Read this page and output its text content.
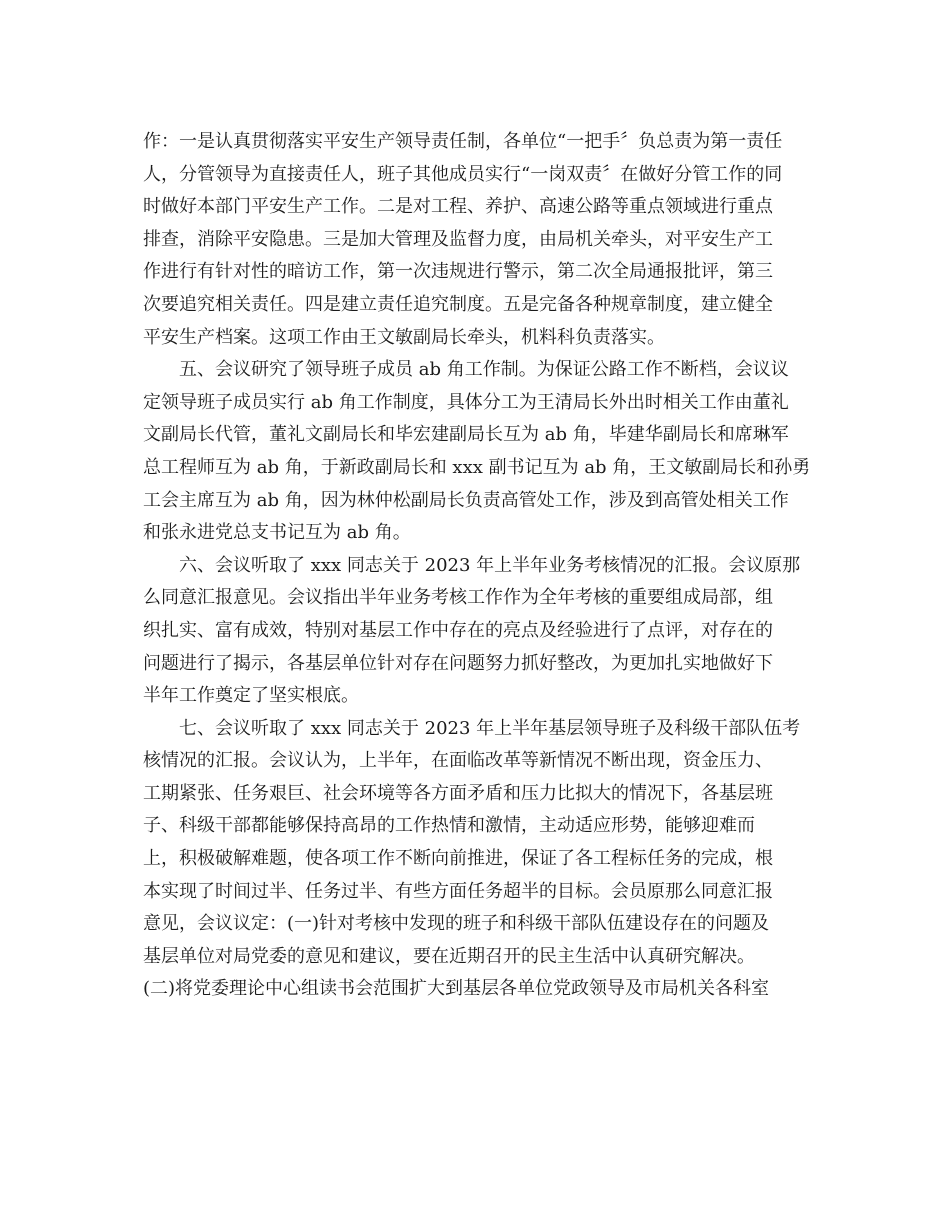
作：一是认真贯彻落实平安生产领导责任制，各单位“一把手〞负总责为第一责任
人，分管领导为直接责任人，班子其他成员实行“一岗双责〞在做好分管工作的同
时做好本部门平安生产工作。二是对工程、养护、高速公路等重点领域进行重点
排查，消除平安隐患。三是加大管理及监督力度，由局机关牵头，对平安生产工
作进行有针对性的暗访工作，第一次违规进行警示，第二次全局通报批评，第三
次要追究相关责任。四是建立责任追究制度。五是完备各种规章制度，建立健全
平安生产档案。这项工作由王文敏副局长牵头，机料科负责落实。
五、会议研究了领导班子成员 ab 角工作制。为保证公路工作不断档，会议议
定领导班子成员实行 ab 角工作制度，具体分工为王清局长外出时相关工作由董礼
文副局长代管，董礼文副局长和毕宏建副局长互为 ab 角，毕建华副局长和席琳军
总工程师互为 ab 角，于新政副局长和 xxx 副书记互为 ab 角，王文敏副局长和孙勇
工会主席互为 ab 角，因为林仲松副局长负责高管处工作，涉及到高管处相关工作
和张永进党总支书记互为 ab 角。
六、会议听取了 xxx 同志关于 2023 年上半年业务考核情况的汇报。会议原那
么同意汇报意见。会议指出半年业务考核工作作为全年考核的重要组成局部，组
织扎实、富有成效，特别对基层工作中存在的亮点及经验进行了点评，对存在的
问题进行了揭示，各基层单位针对存在问题努力抓好整改，为更加扎实地做好下
半年工作奠定了坚实根底。
七、会议听取了 xxx 同志关于 2023 年上半年基层领导班子及科级干部队伍考
核情况的汇报。会议认为，上半年，在面临改革等新情况不断出现，资金压力、
工期紧张、任务艰巨、社会环境等各方面矛盾和压力比拟大的情况下，各基层班
子、科级干部都能够保持高昂的工作热情和激情，主动适应形势，能够迎难而
上，积极破解难题，使各项工作不断向前推进，保证了各工程标任务的完成，根
本实现了时间过半、任务过半、有些方面任务超半的目标。会员原那么同意汇报
意见，会议议定：(一)针对考核中发现的班子和科级干部队伍建设存在的问题及
基层单位对局党委的意见和建议，要在近期召开的民主生活中认真研究解决。
(二)将党委理论中心组读书会范围扩大到基层各单位党政领导及市局机关各科室
